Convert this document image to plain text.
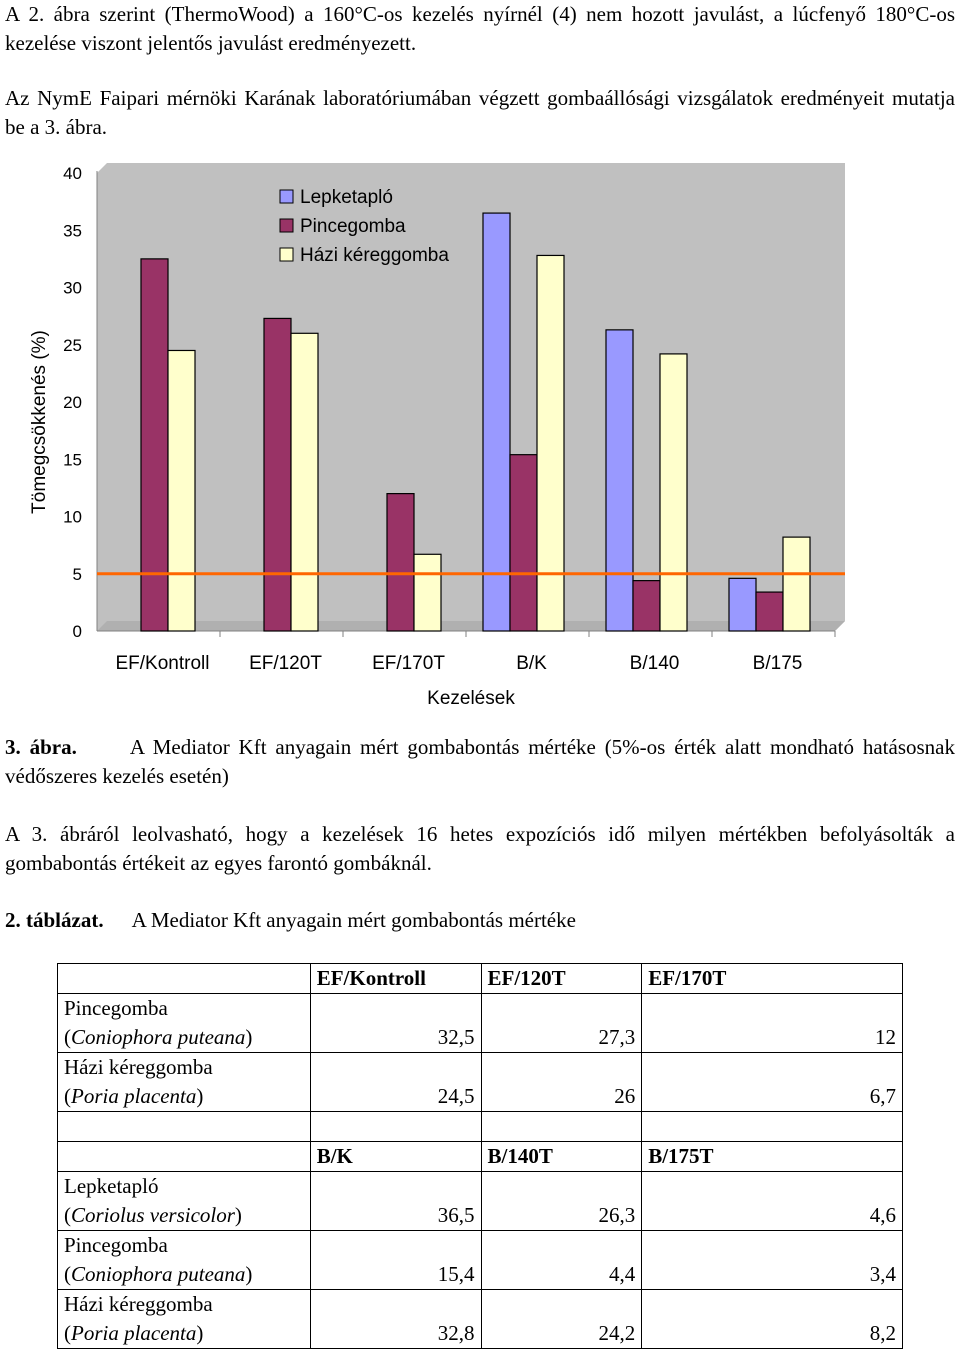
A 2. ábra szerint (ThermoWood) a 160°C-os kezelés nyírnél (4) nem hozott javulást, a lúcfenyő 180°C-os kezelése viszont jelentős javulást eredményezett.
Az NymE Faipari mérnöki Karának laboratóriumában végzett gombaállósági vizsgálatok eredményeit mutatja be a 3. ábra.
0
5
10
15
20
25
30
35
40
EF/Kontroll EF/120T	EF/170T	B/K	B/140	B/175
Lepketapló
Pincegomba
Házi kéreggomba
Kezelések
Tömegcsökkenés (%)
3. ábra.	A Mediator Kft anyagain mért gombabontás mértéke (5%-os érték alatt mondható hatásosnak védőszeres kezelés esetén)
A 3. ábráról leolvasható, hogy a kezelések 16 hetes expozíciós idő milyen mértékben befolyásolták a gombabontás értékeit az egyes farontó gombáknál.
2. táblázat. A Mediator Kft anyagain mért gombabontás mértéke
	EF/Kontroll	EF/120T	EF/170T
Pincegomba
(Coniophora puteana)	32,5	27,3	12
Házi kéreggomba
(Poria placenta)	24,5	26	6,7

	B/K	B/140T	B/175T
Lepketapló
(Coriolus versicolor)	36,5	26,3	4,6
Pincegomba
(Coniophora puteana)	15,4	4,4	3,4
Házi kéreggomba
(Poria placenta)	32,8	24,2	8,2
